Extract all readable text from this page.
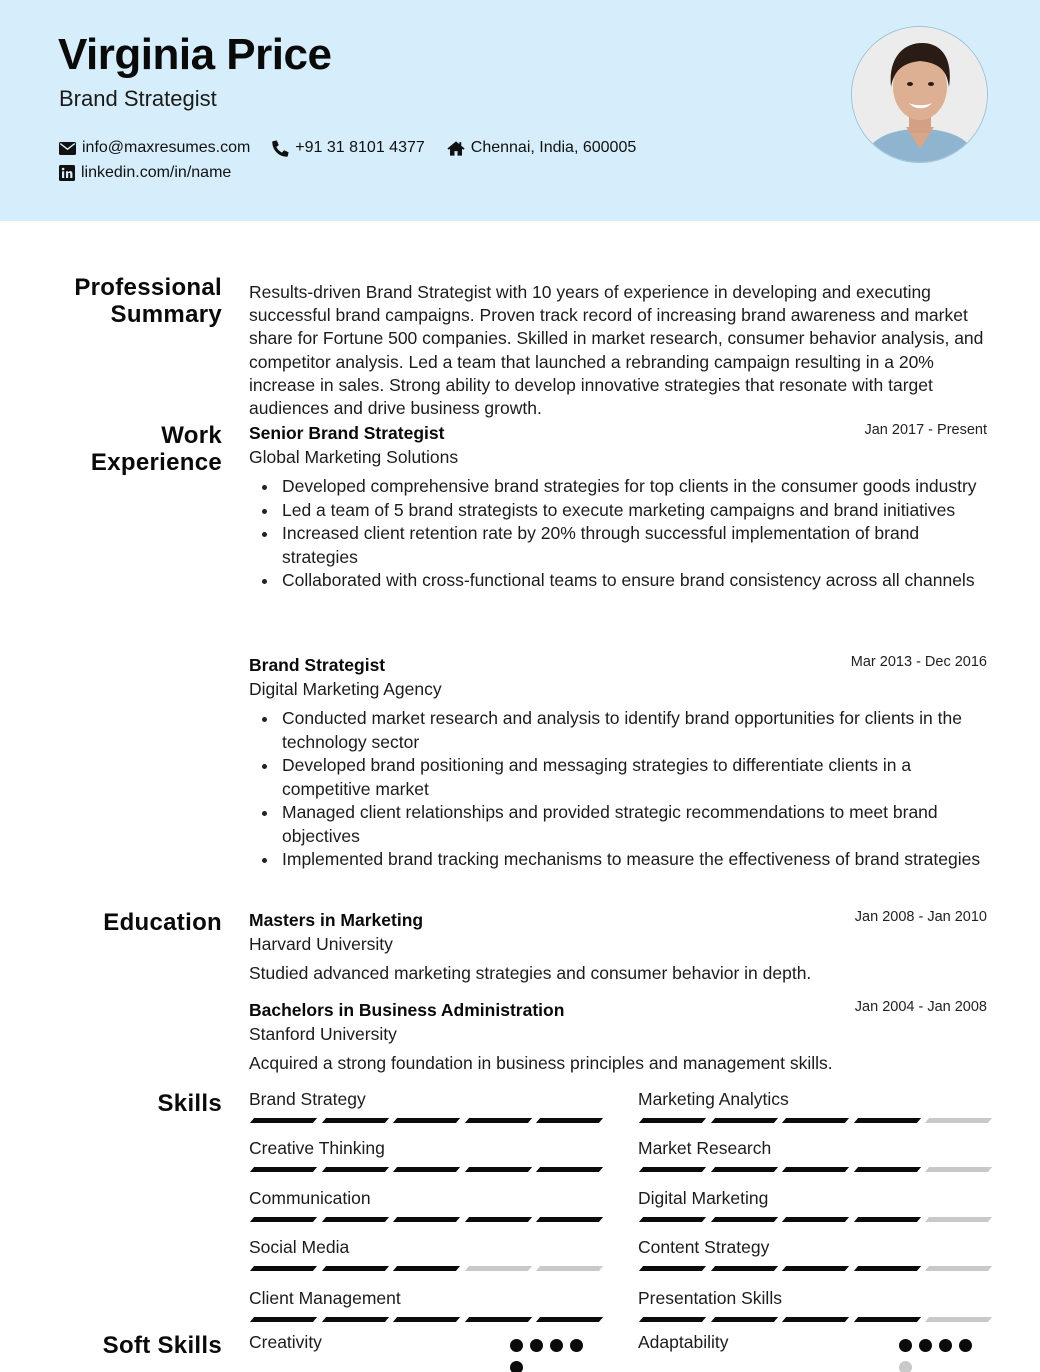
Virginia Price
Brand Strategist
info@maxresumes.com	+91 31 8101 4377	Chennai, India, 600005
linkedin.com/in/name
Professional
Summary
Results-driven Brand Strategist with 10 years of experience in developing and executing successful brand campaigns. Proven track record of increasing brand awareness and market share for Fortune 500 companies. Skilled in market research, consumer behavior analysis, and competitor analysis. Led a team that launched a rebranding campaign resulting in a 20% increase in sales. Strong ability to develop innovative strategies that resonate with target audiences and drive business growth.
Work
Experience
Senior Brand Strategist	Jan 2017 - Present
Global Marketing Solutions
Developed comprehensive brand strategies for top clients in the consumer goods industry
Led a team of 5 brand strategists to execute marketing campaigns and brand initiatives
Increased client retention rate by 20% through successful implementation of brand strategies
Collaborated with cross-functional teams to ensure brand consistency across all channels
Brand Strategist	Mar 2013 - Dec 2016
Digital Marketing Agency
Conducted market research and analysis to identify brand opportunities for clients in the technology sector
Developed brand positioning and messaging strategies to differentiate clients in a competitive market
Managed client relationships and provided strategic recommendations to meet brand objectives
Implemented brand tracking mechanisms to measure the effectiveness of brand strategies
Education Masters in Marketing	Jan 2008 - Jan 2010
Harvard University
Studied advanced marketing strategies and consumer behavior in depth.
Bachelors in Business Administration	Jan 2004 - Jan 2008
Stanford University
Acquired a strong foundation in business principles and management skills.
Skills Brand Strategy	Marketing Analytics
Creative Thinking	Market Research
Communication	Digital Marketing
Social Media	Content Strategy
Client Management	Presentation Skills
Soft Skills Creativity	Adaptability
